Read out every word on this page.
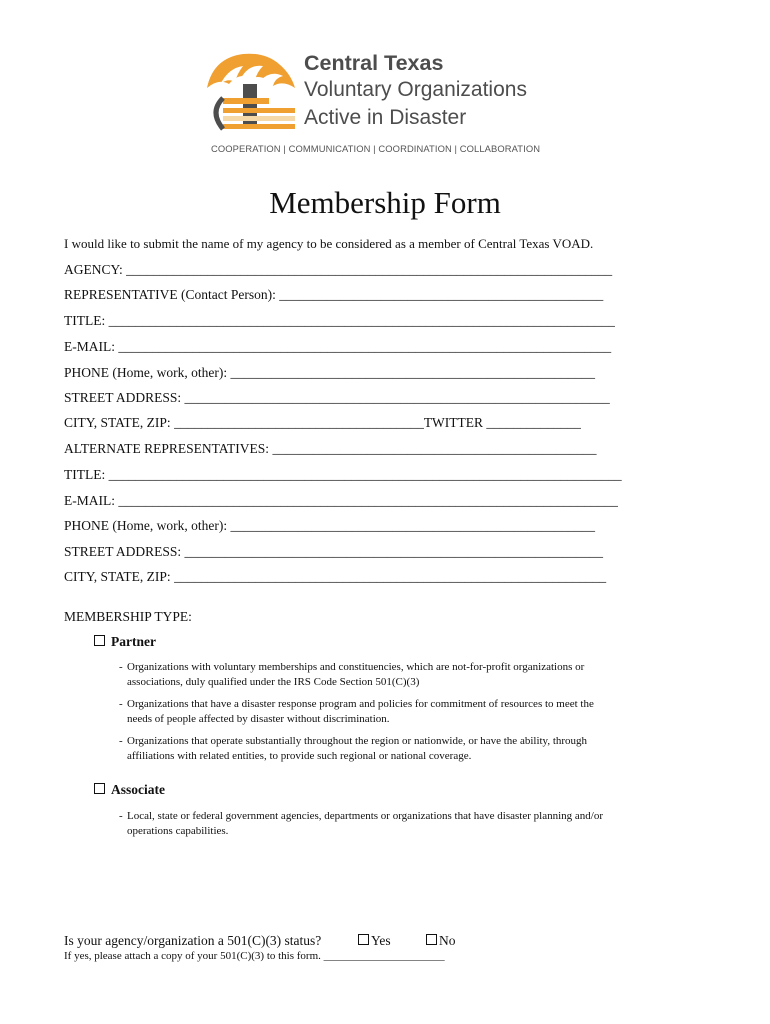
Central Texas
Voluntary Organizations
Active in Disaster
COOPERATION | COMMUNICATION | COORDINATION | COLLABORATION
Membership Form
I would like to submit the name of my agency to be considered as a member of Central Texas VOAD.
AGENCY: ________________________________________________________________________
REPRESENTATIVE (Contact Person): ________________________________________________
TITLE: ___________________________________________________________________________
E-MAIL: _________________________________________________________________________
PHONE (Home, work, other): ______________________________________________________
STREET ADDRESS: _______________________________________________________________
CITY, STATE, ZIP: _____________________________________TWITTER ______________
ALTERNATE REPRESENTATIVES: ________________________________________________
TITLE: ____________________________________________________________________________
E-MAIL: __________________________________________________________________________
PHONE (Home, work, other): ______________________________________________________
STREET ADDRESS: ______________________________________________________________
CITY, STATE, ZIP: ________________________________________________________________
MEMBERSHIP TYPE:
Partner
- Organizations with voluntary memberships and constituencies, which are not-for-profit organizations or
associations, duly qualified under the IRS Code Section 501(C)(3)
- Organizations that have a disaster response program and policies for commitment of resources to meet the
needs of people affected by disaster without discrimination.
- Organizations that operate substantially throughout the region or nationwide, or have the ability, through
affiliations with related entities, to provide such regional or national coverage.
Associate
- Local, state or federal government agencies, departments or organizations that have disaster planning and/or
operations capabilities.
Is your agency/organization a 501(C)(3) status?	Yes	No
If yes, please attach a copy of your 501(C)(3) to this form. ______________________
